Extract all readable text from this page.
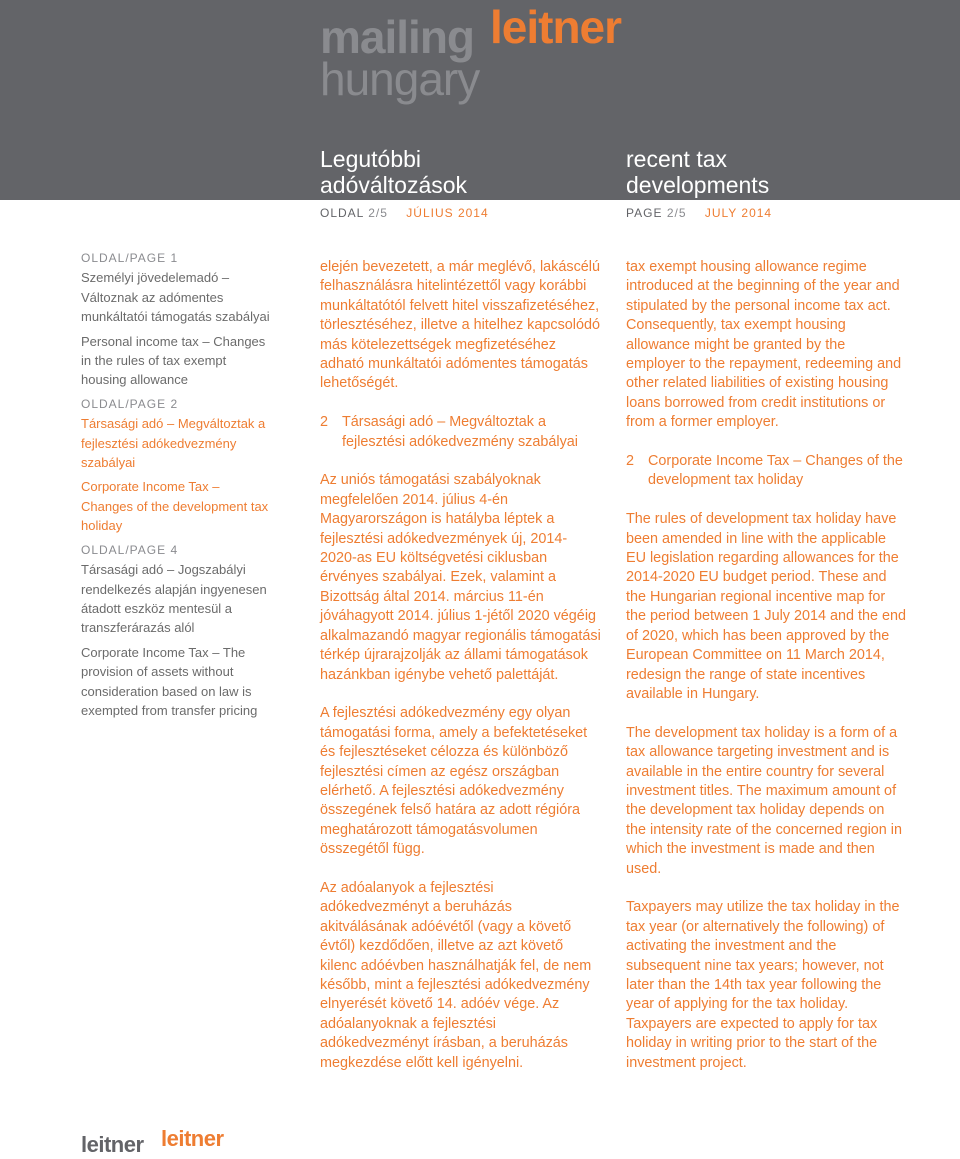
mailing leitner
hungary
Legutóbbi adóváltozások
recent tax developments
OLDAL 2/5 JÚLIUS 2014	PAGE 2/5 JULY 2014
OLDAL/PAGE 1
Személyi jövedelemadó – Változnak az adómentes munkáltatói támogatás szabályai
Personal income tax – Changes in the rules of tax exempt housing allowance
OLDAL/PAGE 2
Társasági adó – Megváltoztak a fejlesztési adókedvezmény szabályai
Corporate Income Tax – Changes of the development tax holiday
OLDAL/PAGE 4
Társasági adó – Jogszabályi rendelkezés alapján ingyenesen átadott eszköz mentesül a transzferárazás alól
Corporate Income Tax – The provision of assets without consideration based on law is exempted from transfer pricing

elején bevezetett, a már meglévő, lakáscélú felhasználásra hitelintézettől vagy korábbi munkáltatótól felvett hitel visszafizetéséhez, törlesztéséhez, illetve a hitelhez kapcsolódó más kötelezettségek megfizetéséhez adható munkáltatói adómentes támogatás lehetőségét.

2 Társasági adó – Megváltoztak a fejlesztési adókedvezmény szabályai

Az uniós támogatási szabályoknak megfelelően 2014. július 4-én Magyarországon is hatályba léptek a fejlesztési adókedvezmények új, 2014-2020-as EU költségvetési ciklusban érvényes szabályai. Ezek, valamint a Bizottság által 2014. március 11-én jóváhagyott 2014. július 1-jétől 2020 végéig alkalmazandó magyar regionális támogatási térkép újrarajzolják az állami támogatások hazánkban igénybe vehető palettáját.

A fejlesztési adókedvezmény egy olyan támogatási forma, amely a befektetéseket és fejlesztéseket célozza és különböző fejlesztési címen az egész országban elérhető. A fejlesztési adókedvezmény összegének felső határa az adott régióra meghatározott támogatásvolumen összegétől függ.

Az adóalanyok a fejlesztési adókedvezményt a beruházás akitválásának adóévétől (vagy a követő évtől) kezdődően, illetve az azt követő kilenc adóévben használhatják fel, de nem később, mint a fejlesztési adókedvezmény elnyerését követő 14. adóév vége. Az adóalanyoknak a fejlesztési adókedvezményt írásban, a beruházás megkezdése előtt kell igényelni.

tax exempt housing allowance regime introduced at the beginning of the year and stipulated by the personal income tax act. Consequently, tax exempt housing allowance might be granted by the employer to the repayment, redeeming and other related liabilities of existing housing loans borrowed from credit institutions or from a former employer.

2 Corporate Income Tax – Changes of the development tax holiday

The rules of development tax holiday have been amended in line with the applicable EU legislation regarding allowances for the 2014-2020 EU budget period. These and the Hungarian regional incentive map for the period between 1 July 2014 and the end of 2020, which has been approved by the European Committee on 11 March 2014, redesign the range of state incentives available in Hungary.

The development tax holiday is a form of a tax allowance targeting investment and is available in the entire country for several investment titles. The maximum amount of the development tax holiday depends on the intensity rate of the concerned region in which the investment is made and then used.

Taxpayers may utilize the tax holiday in the tax year (or alternatively the following) of activating the investment and the subsequent nine tax years; however, not later than the 14th tax year following the year of applying for the tax holiday. Taxpayers are expected to apply for tax holiday in writing prior to the start of the investment project.

leitner leitner
